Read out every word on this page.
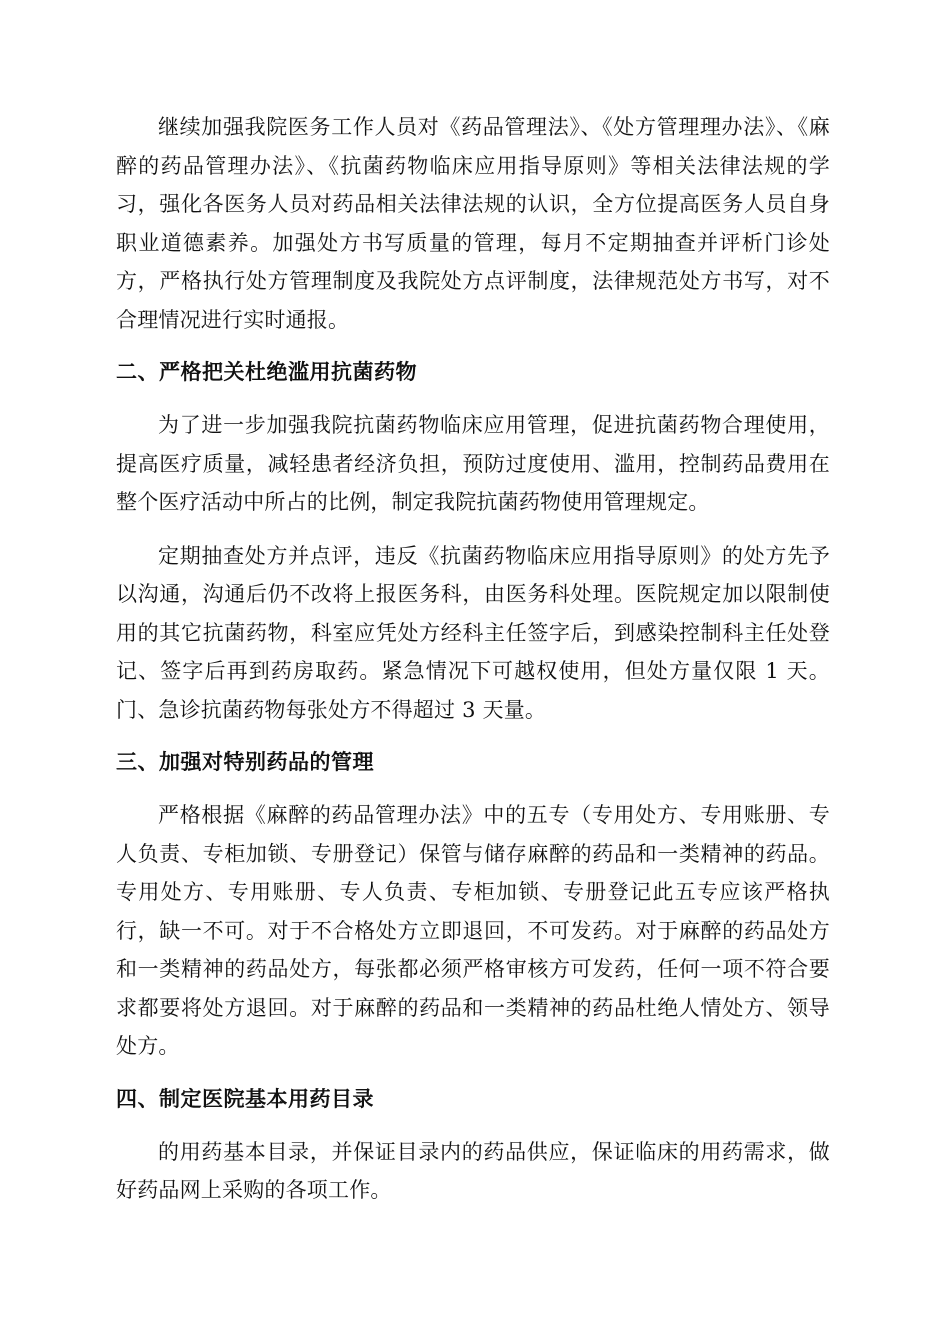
继续加强我院医务工作人员对《药品管理法》、《处方管理理办法》、《麻醉的药品管理办法》、《抗菌药物临床应用指导原则》等相关法律法规的学习，强化各医务人员对药品相关法律法规的认识，全方位提高医务人员自身职业道德素养。加强处方书写质量的管理，每月不定期抽查并评析门诊处方，严格执行处方管理制度及我院处方点评制度，法律规范处方书写，对不合理情况进行实时通报。

二、严格把关杜绝滥用抗菌药物

为了进一步加强我院抗菌药物临床应用管理，促进抗菌药物合理使用，提高医疗质量，减轻患者经济负担，预防过度使用、滥用，控制药品费用在整个医疗活动中所占的比例，制定我院抗菌药物使用管理规定。

定期抽查处方并点评，违反《抗菌药物临床应用指导原则》的处方先予以沟通，沟通后仍不改将上报医务科，由医务科处理。医院规定加以限制使用的其它抗菌药物，科室应凭处方经科主任签字后，到感染控制科主任处登记、签字后再到药房取药。紧急情况下可越权使用，但处方量仅限 1 天。门、急诊抗菌药物每张处方不得超过 3 天量。

三、加强对特别药品的管理

严格根据《麻醉的药品管理办法》中的五专（专用处方、专用账册、专人负责、专柜加锁、专册登记）保管与储存麻醉的药品和一类精神的药品。专用处方、专用账册、专人负责、专柜加锁、专册登记此五专应该严格执行，缺一不可。对于不合格处方立即退回，不可发药。对于麻醉的药品处方和一类精神的药品处方，每张都必须严格审核方可发药，任何一项不符合要求都要将处方退回。对于麻醉的药品和一类精神的药品杜绝人情处方、领导处方。

四、制定医院基本用药目录

的用药基本目录，并保证目录内的药品供应，保证临床的用药需求，做好药品网上采购的各项工作。
